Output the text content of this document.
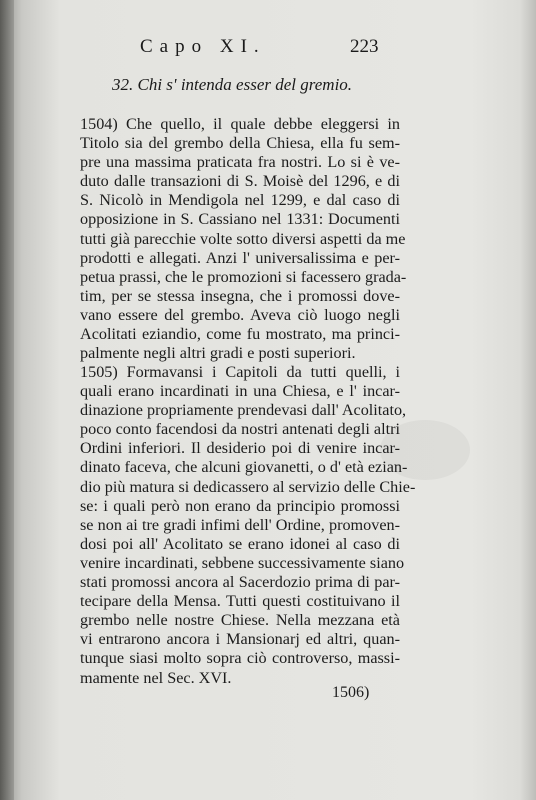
Capo XI.	223
32. Chi s' intenda esser del gremio.
1504) Che quello, il quale debbe eleggersi in
Titolo sia del grembo della Chiesa, ella fu sem-
pre una massima praticata fra nostri. Lo si è ve-
duto dalle transazioni di S. Moisè del 1296, e di
S. Nicolò in Mendigola nel 1299, e dal caso di
opposizione in S. Cassiano nel 1331: Documenti
tutti già parecchie volte sotto diversi aspetti da me
prodotti e allegati. Anzi l' universalissima e per-
petua prassi, che le promozioni si facessero grada-
tim, per se stessa insegna, che i promossi dove-
vano essere del grembo. Aveva ciò luogo negli
Acolitati eziandio, come fu mostrato, ma princi-
palmente negli altri gradi e posti superiori.
1505) Formavansi i Capitoli da tutti quelli, i
quali erano incardinati in una Chiesa, e l' incar-
dinazione propriamente prendevasi dall' Acolitato,
poco conto facendosi da nostri antenati degli altri
Ordini inferiori. Il desiderio poi di venire incar-
dinato faceva, che alcuni giovanetti, o d' età ezian-
dio più matura si dedicassero al servizio delle Chie-
se: i quali però non erano da principio promossi
se non ai tre gradi infimi dell' Ordine, promoven-
dosi poi all' Acolitato se erano idonei al caso di
venire incardinati, sebbene successivamente siano
stati promossi ancora al Sacerdozio prima di par-
tecipare della Mensa. Tutti questi costituivano il
grembo nelle nostre Chiese. Nella mezzana età
vi entrarono ancora i Mansionarj ed altri, quan-
tunque siasi molto sopra ciò controverso, massi-
mamente nel Sec. XVI.
1506)
